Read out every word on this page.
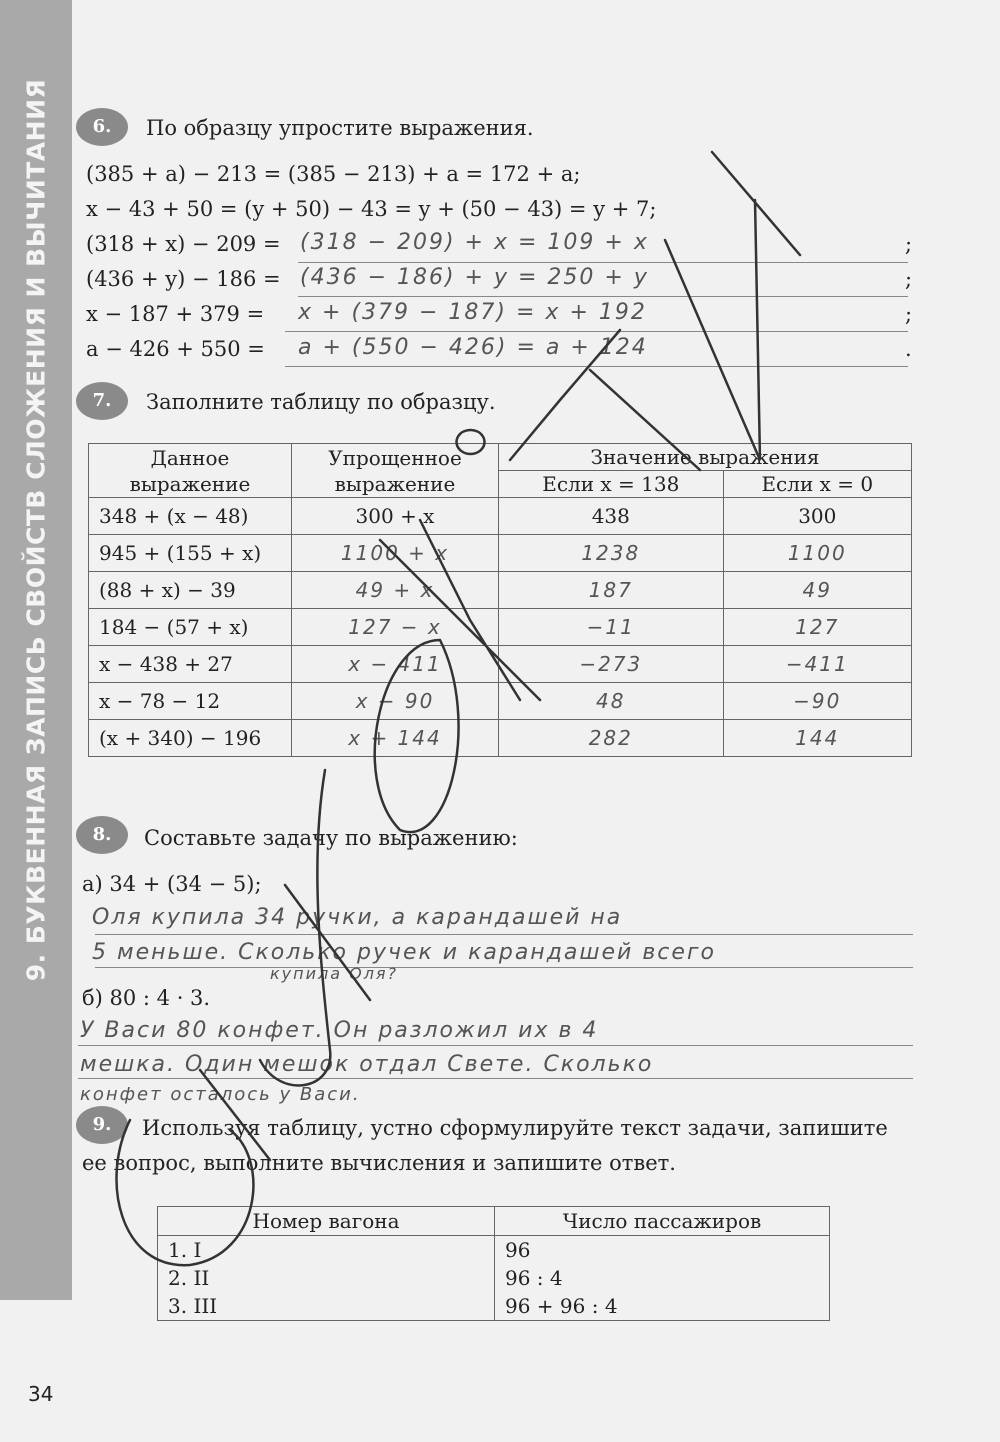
9. БУКВЕННАЯ ЗАПИСЬ СВОЙСТВ СЛОЖЕНИЯ И ВЫЧИТАНИЯ
34
6.	По образцу упростите выражения.
(385 + a) − 213 = (385 − 213) + a = 172 + a;
x − 43 + 50 = (y + 50) − 43 = y + (50 − 43) = y + 7;
(318 + x) − 209 = (318 − 209) + x = 109 + x	;
(436 + y) − 186 = (436 − 186) + y = 250 + y	;
x − 187 + 379 = x + (379 − 187) = x + 192	;
a − 426 + 550 = a + (550 − 426) = a + 124	.
7.	Заполните таблицу по образцу.
Данное выражение	Упрощенное выражение	Значение выражения	
		Если x = 138	Если x = 0
348 + (x − 48)	300 + x	438	300
945 + (155 + x)	1100 + x	1238	1100
(88 + x) − 39	49 + x	187	49
184 − (57 + x)	127 − x	−11	127
x − 438 + 27	x − 411	−273	−411
x − 78 − 12	x − 90	48	−90
(x + 340) − 196	x + 144	282	144
8.	Составьте задачу по выражению:
а) 34 + (34 − 5);
Оля купила 34 ручки, а карандашей на
5 меньше. Сколько ручек и карандашей всего
купила Оля?
б) 80 : 4 · 3.
У Васи 80 конфет. Он разложил их в 4
мешка. Один мешок отдал Свете. Сколько
конфет осталось у Васи.
9.	Используя таблицу, устно сформулируйте текст задачи, запишите
ее вопрос, выполните вычисления и запишите ответ.
Номер вагона	Число пассажиров
1. I	96
2. II	96 : 4
3. III	96 + 96 : 4
